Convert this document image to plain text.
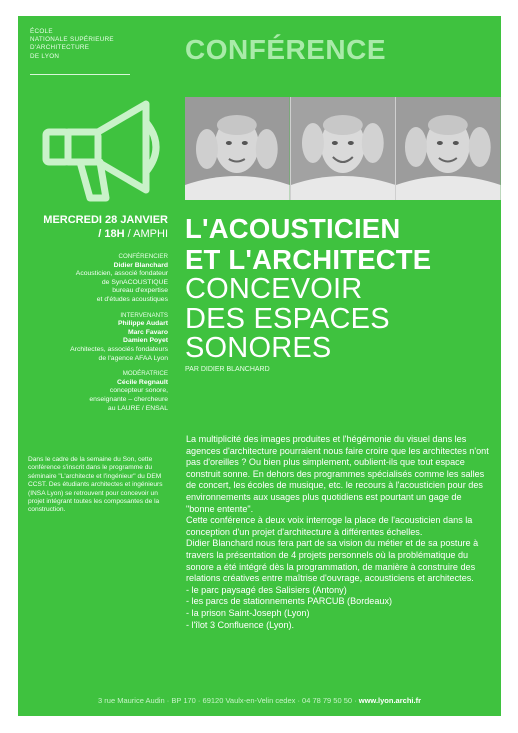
ÉCOLE
NATIONALE SUPÉRIEURE
D'ARCHITECTURE
DE LYON	CONFÉRENCE
MERCREDI 28 JANVIER
/ 18H / AMPHI
CONFÉRENCIER
Didier Blanchard
Acousticien, associé fondateur
de SynACOUSTIQUE
bureau d'expertise
et d'études acoustiques
INTERVENANTS
Philippe Audart
Marc Favaro
Damien Poyet
Architectes, associés fondateurs
de l'agence AFAA Lyon
MODÉRATRICE
Cécile Regnault
concepteur sonore,
enseignante – chercheure
au LAURE / ENSAL
Dans le cadre de la semaine du Son, cette conférence s'inscrit dans le programme du séminaire "L'architecte et l'ingénieur" du DEM CCST. Des étudiants architectes et ingénieurs (INSA Lyon) se retrouvent pour concevoir un projet intégrant toutes les composantes de la construction.
L'ACOUSTICIEN
ET L'ARCHITECTE
CONCEVOIR
DES ESPACES
SONORES
PAR DIDIER BLANCHARD

La multiplicité des images produites et l'hégémonie du visuel dans les agences d'architecture pourraient nous faire croire que les architectes n'ont pas d'oreilles ? Ou bien plus simplement, oublient-ils que tout espace construit sonne. En dehors des programmes spécialisés comme les salles de concert, les écoles de musique, etc. le recours à l'acousticien pour des environnements aux usages plus quotidiens est pourtant un gage de "bonne entente".

Cette conférence à deux voix interroge la place de l'acousticien dans la conception d'un projet d'architecture à différentes échelles.

Didier Blanchard nous fera part de sa vision du métier et de sa posture à travers la présentation de 4 projets personnels où la problématique du sonore a été intégré dès la programmation, de manière à construire des relations créatives entre maîtrise d'ouvrage, acousticiens et architectes.

- le parc paysagé des Salisiers (Antony)
- les parcs de stationnements PARCUB (Bordeaux)
- la prison Saint-Joseph (Lyon)
- l'îlot 3 Confluence (Lyon).
3 rue Maurice Audin · BP 170 · 69120 Vaulx-en-Velin cedex · 04 78 79 50 50 · www.lyon.archi.fr
